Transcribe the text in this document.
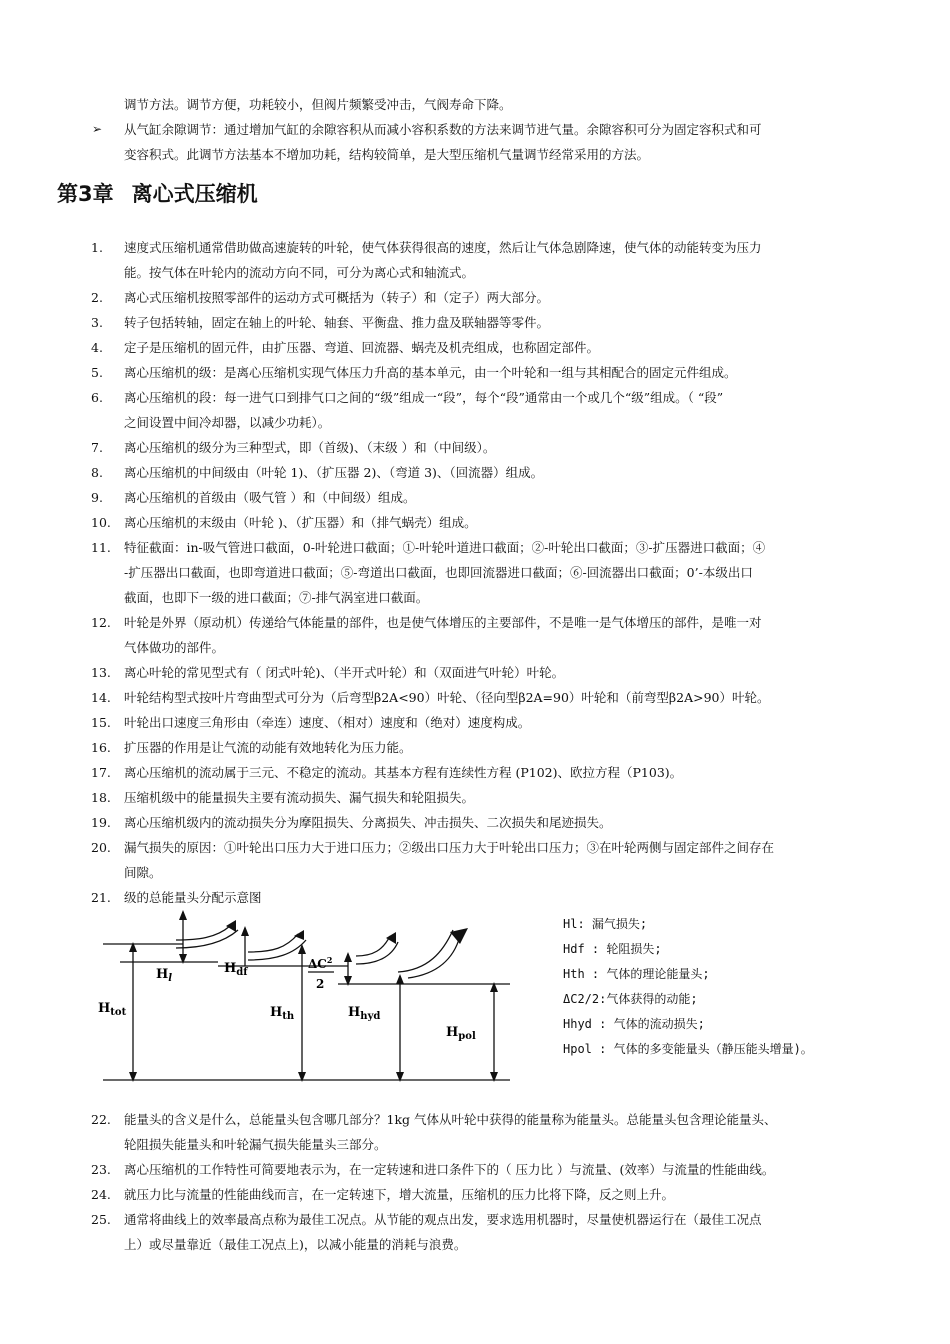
调节方法。调节方便，功耗较小，但阀片频繁受冲击，气阀寿命下降。
➢ 从气缸余隙调节：通过增加气缸的余隙容积从而减小容积系数的方法来调节进气量。余隙容积可分为固定容积式和可
变容积式。此调节方法基本不增加功耗，结构较简单，是大型压缩机气量调节经常采用的方法。
第3章 离心式压缩机
1. 速度式压缩机通常借助做高速旋转的叶轮，使气体获得很高的速度，然后让气体急剧降速，使气体的动能转变为压力
能。按气体在叶轮内的流动方向不同，可分为离心式和轴流式。
2. 离心式压缩机按照零部件的运动方式可概括为（转子）和（定子）两大部分。
3. 转子包括转轴，固定在轴上的叶轮、轴套、平衡盘、推力盘及联轴器等零件。
4. 定子是压缩机的固元件，由扩压器、弯道、回流器、蜗壳及机壳组成，也称固定部件。
5. 离心压缩机的级：是离心压缩机实现气体压力升高的基本单元，由一个叶轮和一组与其相配合的固定元件组成。
6. 离心压缩机的段：每一进气口到排气口之间的“级”组成一“段”，每个“段”通常由一个或几个“级”组成。（ “段”
之间设置中间冷却器，以减少功耗）。
7. 离心压缩机的级分为三种型式，即（首级)、（末级 ）和（中间级）。
8. 离心压缩机的中间级由（叶轮 1)、（扩压器 2)、（弯道 3)、（回流器）组成。
9. 离心压缩机的首级由（吸气管 ）和（中间级）组成。
10. 离心压缩机的末级由（叶轮 )、（扩压器）和（排气蜗壳）组成。
11. 特征截面：in-吸气管进口截面，0-叶轮进口截面；①-叶轮叶道进口截面；②-叶轮出口截面；③-扩压器进口截面；④
-扩压器出口截面，也即弯道进口截面；⑤-弯道出口截面，也即回流器进口截面；⑥-回流器出口截面；0’-本级出口
截面，也即下一级的进口截面；⑦-排气涡室进口截面。
12. 叶轮是外界（原动机）传递给气体能量的部件，也是使气体增压的主要部件，不是唯一是气体增压的部件，是唯一对
气体做功的部件。
13. 离心叶轮的常见型式有（ 闭式叶轮)、（半开式叶轮）和（双面进气叶轮）叶轮。
14. 叶轮结构型式按叶片弯曲型式可分为（后弯型β2A<90）叶轮、（径向型β2A=90）叶轮和（前弯型β2A>90）叶轮。
15. 叶轮出口速度三角形由（牵连）速度、（相对）速度和（绝对）速度构成。
16. 扩压器的作用是让气流的动能有效地转化为压力能。
17. 离心压缩机的流动属于三元、不稳定的流动。其基本方程有连续性方程 (P102)、欧拉方程（P103)。
18. 压缩机级中的能量损失主要有流动损失、漏气损失和轮阻损失。
19. 离心压缩机级内的流动损失分为摩阻损失、分离损失、冲击损失、二次损失和尾迹损失。
20. 漏气损失的原因：①叶轮出口压力大于进口压力；②级出口压力大于叶轮出口压力；③在叶轮两侧与固定部件之间存在
间隙。
21. 级的总能量头分配示意图
$H_{tot}$
$H_l$
$H_{df}$
$H_{th}$
$\Delta C^2$
2
$H_{hyd}$
$H_{pol}$
Hl: 漏气损失;
Hdf : 轮阻损失;
Hth : 气体的理论能量头;
ΔC2/2:气体获得的动能;
Hhyd : 气体的流动损失;
Hpol : 气体的多变能量头（静压能头增量)。
22. 能量头的含义是什么，总能量头包含哪几部分？1kg 气体从叶轮中获得的能量称为能量头。总能量头包含理论能量头、
轮阻损失能量头和叶轮漏气损失能量头三部分。
23. 离心压缩机的工作特性可简要地表示为，在一定转速和进口条件下的（ 压力比 ）与流量、(效率）与流量的性能曲线。
24. 就压力比与流量的性能曲线而言，在一定转速下，增大流量，压缩机的压力比将下降，反之则上升。
25. 通常将曲线上的效率最高点称为最佳工况点。从节能的观点出发，要求选用机器时，尽量使机器运行在（最佳工况点
上）或尽量靠近（最佳工况点上)，以减小能量的消耗与浪费。
